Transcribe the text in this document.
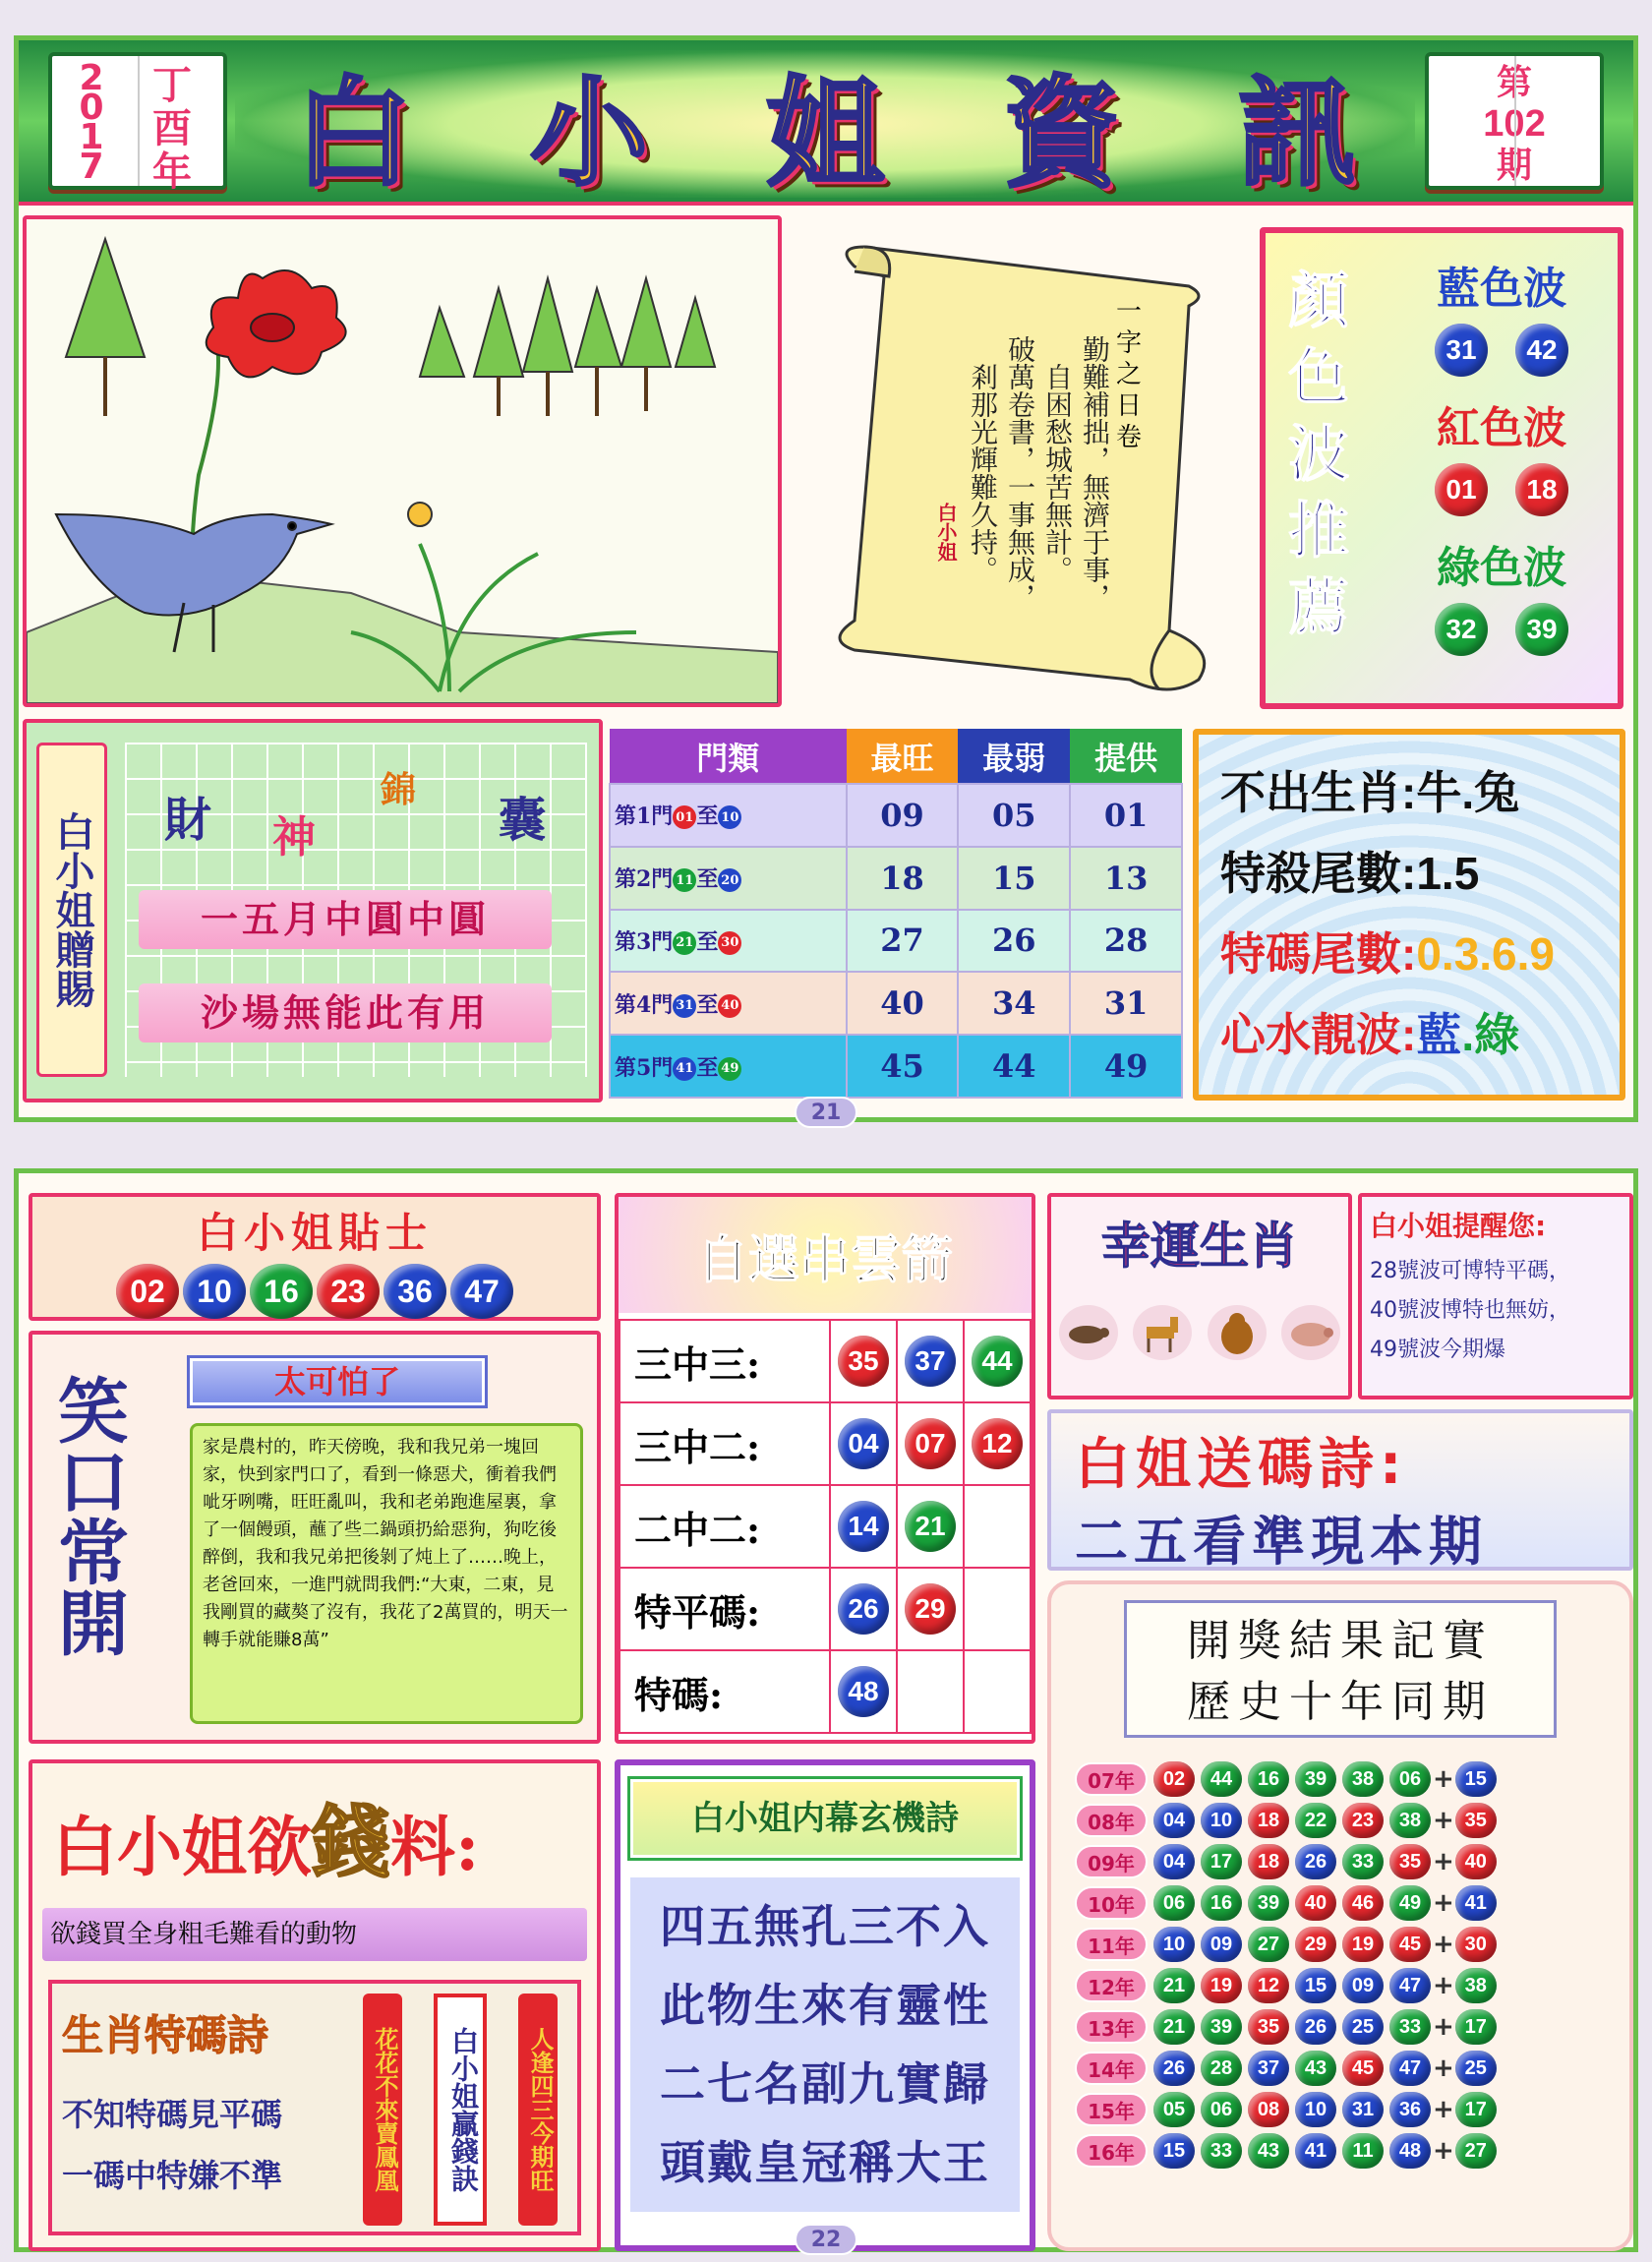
2017
丁酉年 白 小 姐 資 訊	第
102
期
一字之日卷
勤難補拙，無濟于事，
自困愁城苦無計。
破萬卷書，一事無成，
剎那光輝難久持。
白小姐
顏色波推薦
藍色波
31 42
紅色波
01 18
綠色波
32 39
白小姐贈賜 財 神
錦
囊
一五月中圓中圓
沙場無能此有用
門類	最旺	最弱	提供
第1門 01 至 10	09	05	01
第2門 11 至 20	18	15	13
第3門 21 至 30	27	26	28
第4門 31 至 40	40	34	31
第5門 41 至 49	45	44	49
不出生肖:牛.兔
特殺尾數:1.5
特碼尾數:0.3.6.9
心水靚波:藍.綠
21
白小姐貼士
02 10 16 23 36 47
笑口常開	太可怕了
家是農村的，昨天傍晚，我和我兄弟一塊回家，快到家門口了，看到一條惡犬，衝着我們呲牙咧嘴，旺旺亂叫，我和老弟跑進屋裏，拿了一個饅頭，蘸了些二鍋頭扔給惡狗，狗吃後醉倒，我和我兄弟把後剝了炖上了……晚上，老爸回來，一進門就問我們:“大東，二東，見我剛買的藏獒了沒有，我花了2萬買的，明天一轉手就能賺8萬”
自選串雲箭
三中三:	35	37	44
三中二:	04	07	12
二中二:	14	21	
特平碼:	26	29	
特碼:	48		
幸運生肖	白小姐提醒您:
28號波可博特平碼，
40號波博特也無妨，
49號波今期爆
白姐送碼詩:
二五看準現本期
白小姐欲錢料:
欲錢買全身粗毛難看的動物
生肖特碼詩
不知特碼見平碼
一碼中特嫌不準	花花不來賣鳳凰	白小姐贏錢訣	人逢四三今期旺
白小姐内幕玄機詩
四五無孔三不入
此物生來有靈性
二七名副九實歸
頭戴皇冠稱大王
開獎結果記實
歷史十年同期
07年	02	44	16	39	38	06 + 15
08年	04	10	18	22	23	38 + 35
09年	04	17	18	26	33	35 + 40
10年	06	16	39	40	46	49 + 41
11年	10	09	27	29	19	45 + 30
12年	21	19	12	15	09	47 + 38
13年	21	39	35	26	25	33 + 17
14年	26	28	37	43	45	47 + 25
15年	05	06	08	10	31	36 + 17
16年	15	33	43	41	11	48 + 27
22
